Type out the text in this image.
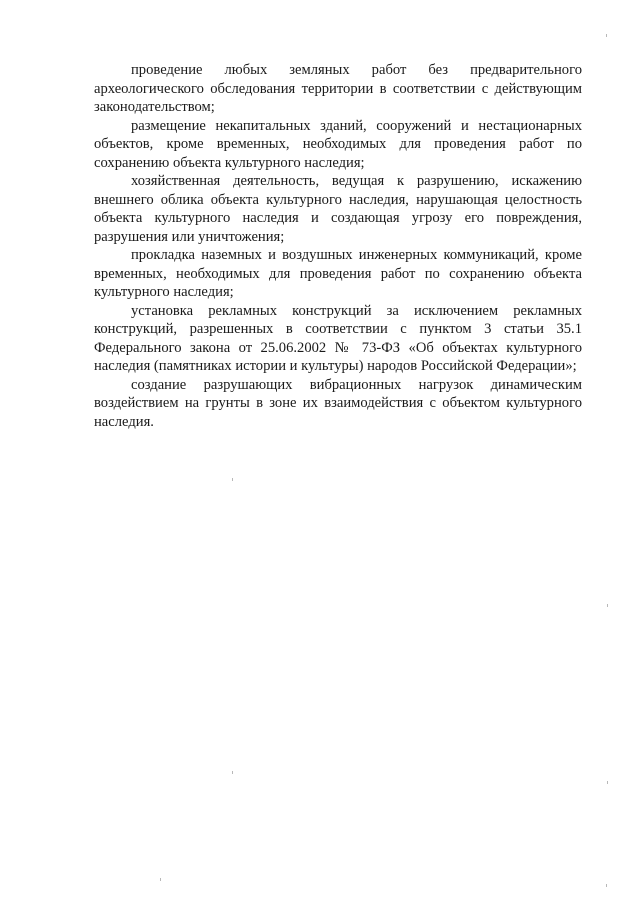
проведение любых земляных работ без предварительного археологического обследования территории в соответствии с действующим законодательством;

размещение некапитальных зданий, сооружений и нестационарных объектов, кроме временных, необходимых для проведения работ по сохранению объекта культурного наследия;

хозяйственная деятельность, ведущая к разрушению, искажению внешнего облика объекта культурного наследия, нарушающая целостность объекта культурного наследия и создающая угрозу его повреждения, разрушения или уничтожения;

прокладка наземных и воздушных инженерных коммуникаций, кроме временных, необходимых для проведения работ по сохранению объекта культурного наследия;

установка рекламных конструкций за исключением рекламных конструкций, разрешенных в соответствии с пунктом 3 статьи 35.1 Федерального закона от 25.06.2002 № 73-ФЗ «Об объектах культурного наследия (памятниках истории и культуры) народов Российской Федерации»;

создание разрушающих вибрационных нагрузок динамическим воздействием на грунты в зоне их взаимодействия с объектом культурного наследия.
